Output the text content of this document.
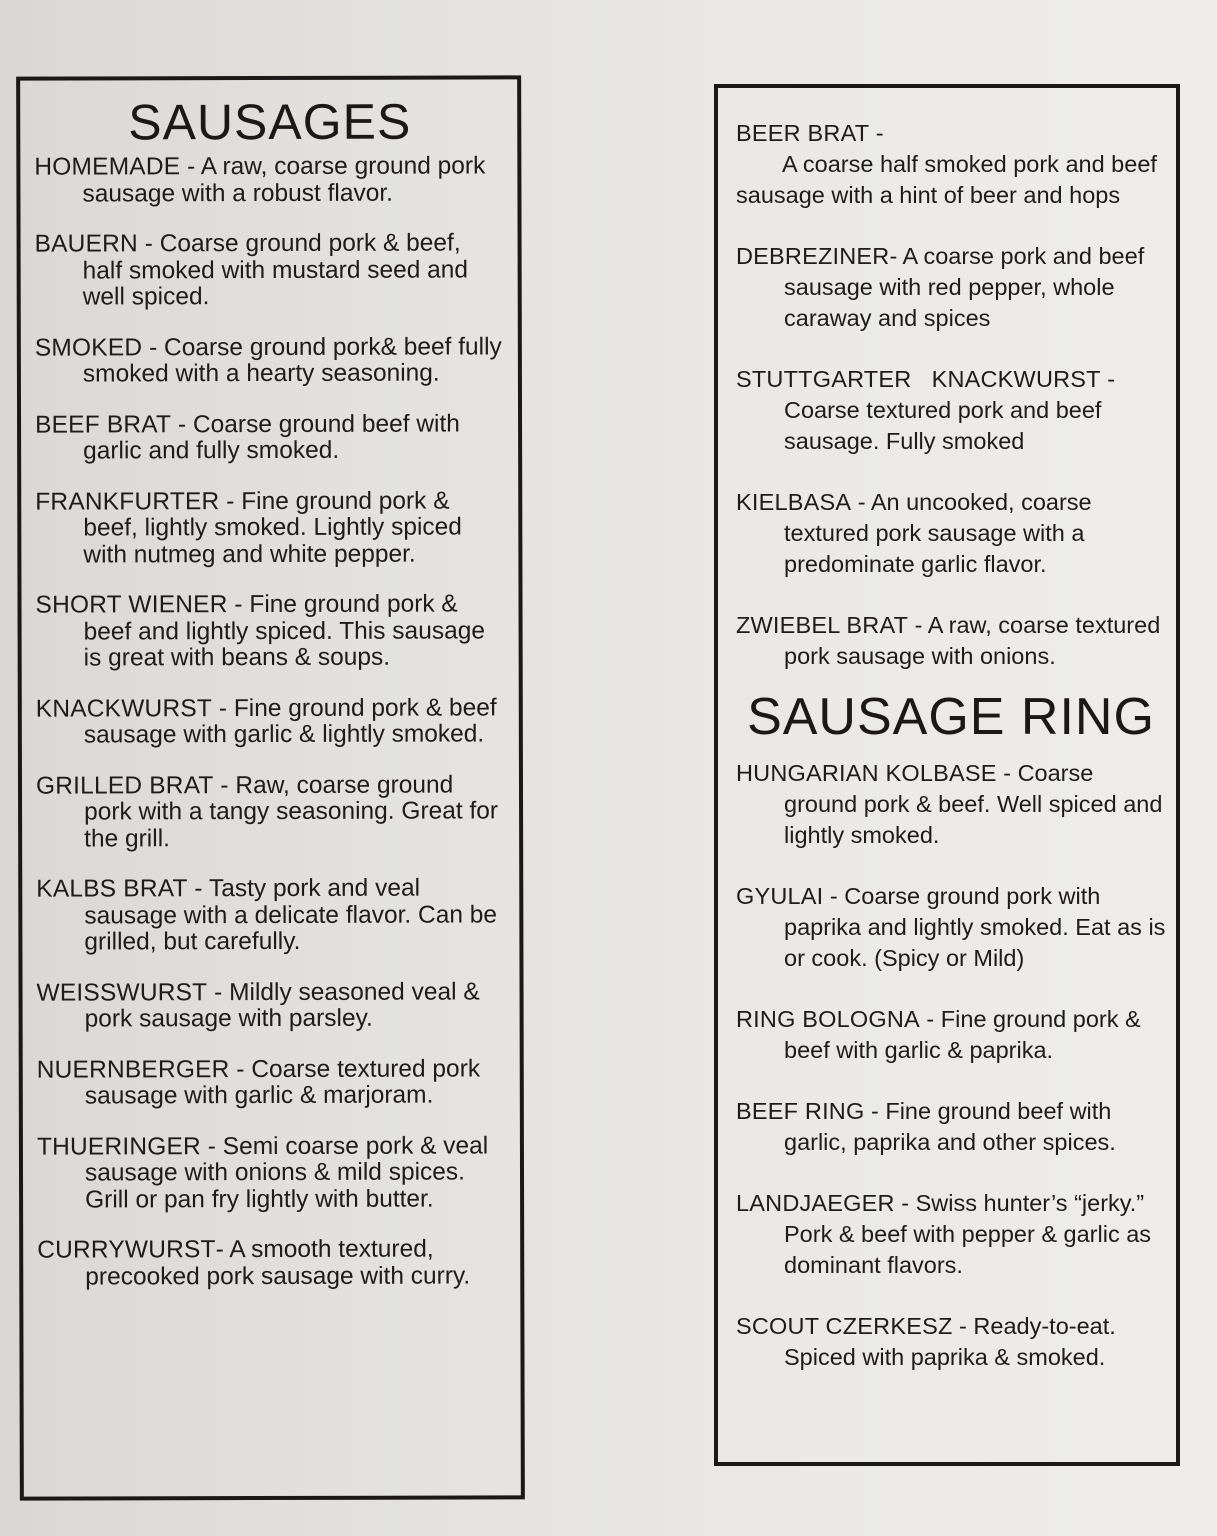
SAUSAGES

HOMEMADE - A raw, coarse ground pork sausage with a robust flavor.

BAUERN - Coarse ground pork & beef, half smoked with mustard seed and well spiced.

SMOKED - Coarse ground pork& beef fully smoked with a hearty seasoning.

BEEF BRAT - Coarse ground beef with garlic and fully smoked.

FRANKFURTER - Fine ground pork & beef, lightly smoked. Lightly spiced with nutmeg and white pepper.

SHORT WIENER - Fine ground pork & beef and lightly spiced. This sausage is great with beans & soups.

KNACKWURST - Fine ground pork & beef sausage with garlic & lightly smoked.

GRILLED BRAT - Raw, coarse ground pork with a tangy seasoning. Great for the grill.

KALBS BRAT - Tasty pork and veal sausage with a delicate flavor. Can be grilled, but carefully.

WEISSWURST - Mildly seasoned veal & pork sausage with parsley.

NUERNBERGER - Coarse textured pork sausage with garlic & marjoram.

THUERINGER - Semi coarse pork & veal sausage with onions & mild spices. Grill or pan fry lightly with butter.

CURRYWURST- A smooth textured, precooked pork sausage with curry.

BEER BRAT -
A coarse half smoked pork and beef sausage with a hint of beer and hops

DEBREZINER- A coarse pork and beef sausage with red pepper, whole caraway and spices

STUTTGARTER   KNACKWURST - Coarse textured pork and beef sausage. Fully smoked

KIELBASA - An uncooked, coarse textured pork sausage with a predominate garlic flavor.

ZWIEBEL BRAT - A raw, coarse textured pork sausage with onions.

SAUSAGE RING

HUNGARIAN KOLBASE - Coarse ground pork & beef. Well spiced and lightly smoked.

GYULAI - Coarse ground pork with paprika and lightly smoked. Eat as is or cook. (Spicy or Mild)

RING BOLOGNA - Fine ground pork & beef with garlic & paprika.

BEEF RING - Fine ground beef with garlic, paprika and other spices.

LANDJAEGER - Swiss hunter’s “jerky.” Pork & beef with pepper & garlic as dominant flavors.

SCOUT CZERKESZ - Ready-to-eat. Spiced with paprika & smoked.
